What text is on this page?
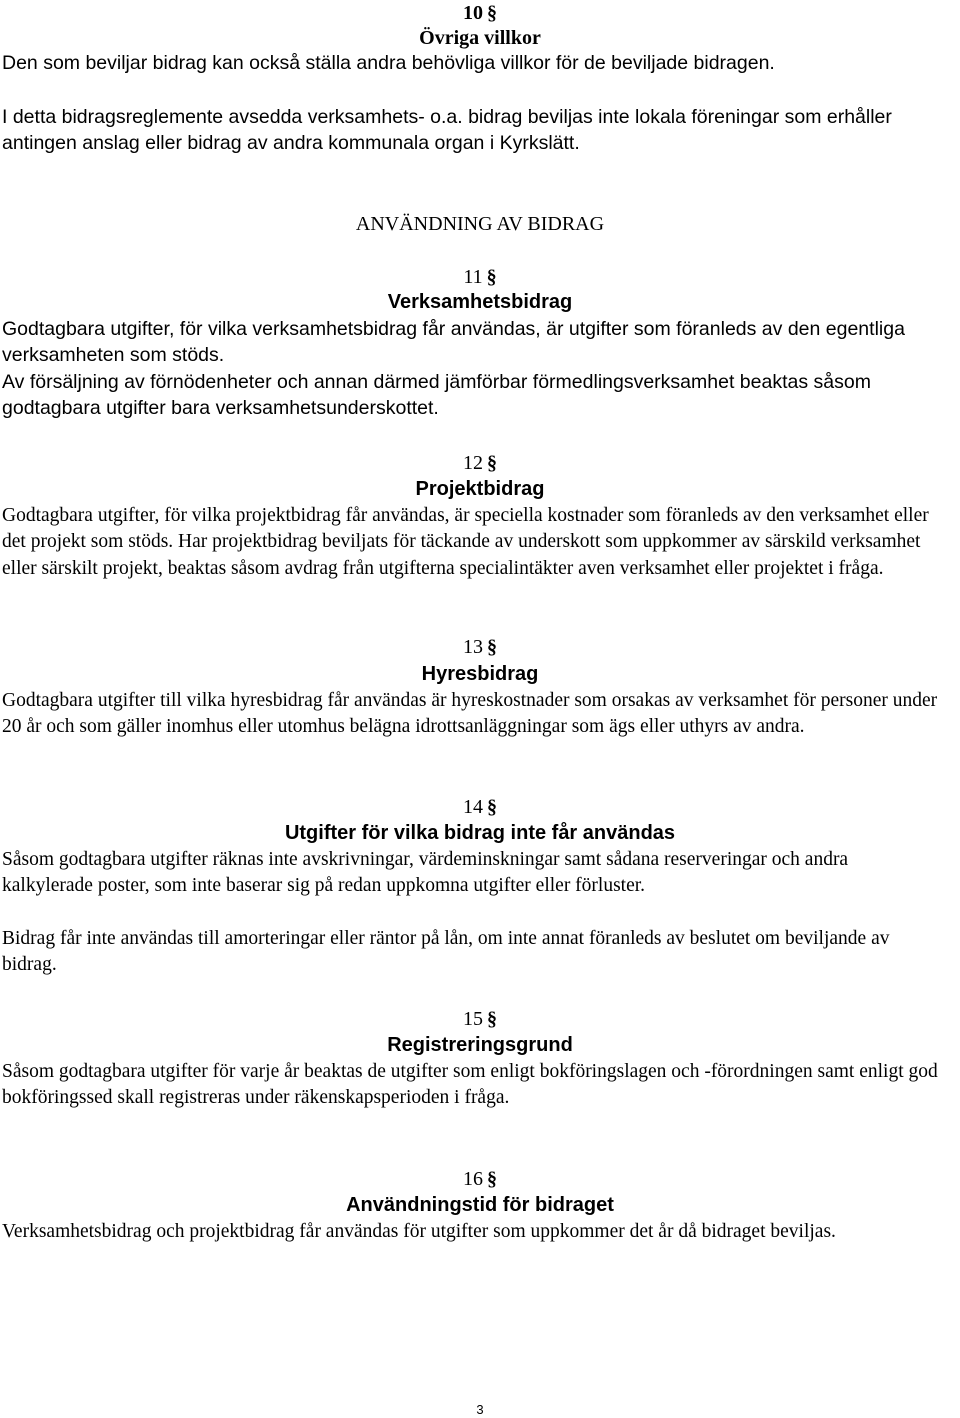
10 §
Övriga villkor

Den som beviljar bidrag kan också ställa andra behövliga villkor för de beviljade bidragen.

I detta bidragsreglemente avsedda verksamhets- o.a. bidrag beviljas inte lokala föreningar som erhåller antingen anslag eller bidrag av andra kommunala organ i Kyrkslätt.

ANVÄNDNING AV BIDRAG
11 §
Verksamhetsbidrag

Godtagbara utgifter, för vilka verksamhetsbidrag får användas, är utgifter som föranleds av den egentliga verksamheten som stöds.

Av försäljning av förnödenheter och annan därmed jämförbar förmedlingsverksamhet beaktas såsom godtagbara utgifter bara verksamhetsunderskottet.

12 §
Projektbidrag

Godtagbara utgifter, för vilka projektbidrag får användas, är speciella kostnader som föranleds av den verksamhet eller det projekt som stöds. Har projektbidrag beviljats för täckande av underskott som uppkommer av särskild verksamhet eller särskilt projekt, beaktas såsom avdrag från utgifterna specialintäkter aven verksamhet eller projektet i fråga.

13 §
Hyresbidrag

Godtagbara utgifter till vilka hyresbidrag får användas är hyreskostnader som orsakas av verksamhet för personer under 20 år och som gäller inomhus eller utomhus belägna idrottsanläggningar som ägs eller uthyrs av andra.

14 §
Utgifter för vilka bidrag inte får användas

Såsom godtagbara utgifter räknas inte avskrivningar, värdeminskningar samt sådana reserveringar och andra kalkylerade poster, som inte baserar sig på redan uppkomna utgifter eller förluster.

Bidrag får inte användas till amorteringar eller räntor på lån, om inte annat föranleds av beslutet om beviljande av bidrag.

15 §
Registreringsgrund

Såsom godtagbara utgifter för varje år beaktas de utgifter som enligt bokföringslagen och -förordningen samt enligt god bokföringssed skall registreras under räkenskapsperioden i fråga.

16 §
Användningstid för bidraget

Verksamhetsbidrag och projektbidrag får användas för utgifter som uppkommer det år då bidraget beviljas.

3
